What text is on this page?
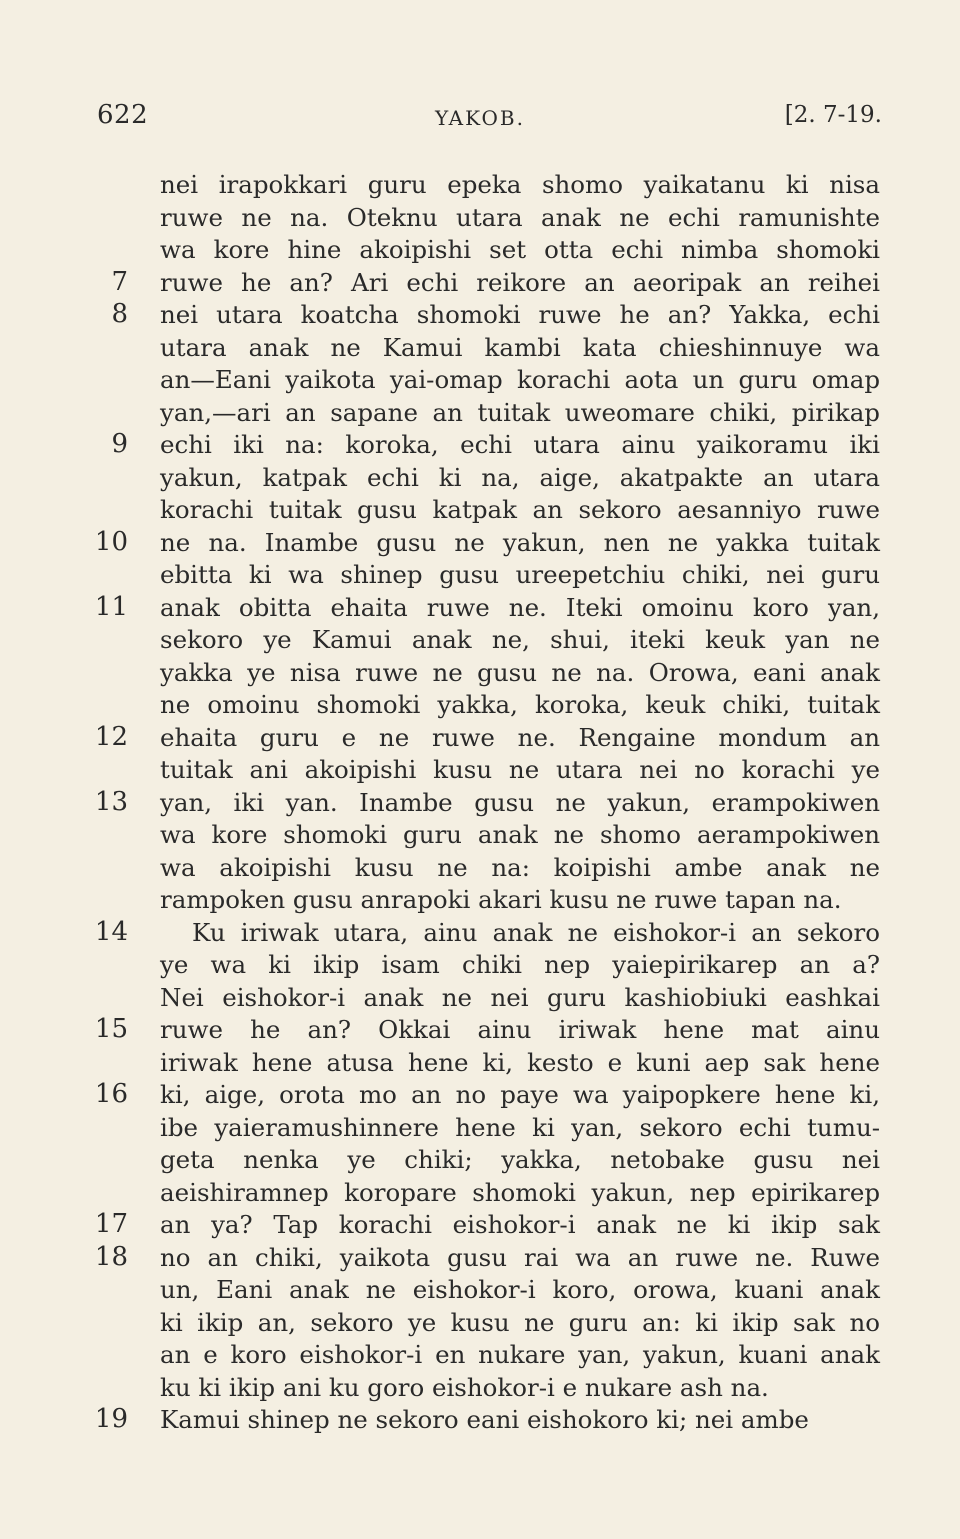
622	YAKOB.	[2. 7-19.
nei irapokkari guru epeka shomo yaikatanu ki nisa
ruwe ne na. Oteknu utara anak ne echi ramunishte
wa kore hine akoipishi set otta echi nimba shomoki
7 ruwe he an? Ari echi reikore an aeoripak an reihei
8 nei utara koatcha shomoki ruwe he an? Yakka, echi
utara anak ne Kamui kambi kata chieshinnuye wa
an—Eani yaikota yai-omap korachi aota un guru omap
yan,—ari an sapane an tuitak uweomare chiki, pirikap
9 echi iki na: koroka, echi utara ainu yaikoramu iki
yakun, katpak echi ki na, aige, akatpakte an utara
korachi tuitak gusu katpak an sekoro aesanniyo ruwe
10 ne na. Inambe gusu ne yakun, nen ne yakka tuitak
ebitta ki wa shinep gusu ureepetchiu chiki, nei guru
11 anak obitta ehaita ruwe ne. Iteki omoinu koro yan,
sekoro ye Kamui anak ne, shui, iteki keuk yan ne
yakka ye nisa ruwe ne gusu ne na. Orowa, eani anak
ne omoinu shomoki yakka, koroka, keuk chiki, tuitak
12 ehaita guru e ne ruwe ne. Rengaine mondum an
tuitak ani akoipishi kusu ne utara nei no korachi ye
13 yan, iki yan. Inambe gusu ne yakun, erampokiwen
wa kore shomoki guru anak ne shomo aerampokiwen
wa akoipishi kusu ne na: koipishi ambe anak ne
rampoken gusu anrapoki akari kusu ne ruwe tapan na.
14	Ku iriwak utara, ainu anak ne eishokor-i an sekoro
ye wa ki ikip isam chiki nep yaiepirikarep an a?
Nei eishokor-i anak ne nei guru kashiobiuki eashkai
15 ruwe he an? Okkai ainu iriwak hene mat ainu
iriwak hene atusa hene ki, kesto e kuni aep sak hene
16 ki, aige, orota mo an no paye wa yaipopkere hene ki,
ibe yaieramushinnere hene ki yan, sekoro echi tumu-
geta nenka ye chiki; yakka, netobake gusu nei
aeishiramnep koropare shomoki yakun, nep epirikarep
17 an ya? Tap korachi eishokor-i anak ne ki ikip sak
18 no an chiki, yaikota gusu rai wa an ruwe ne. Ruwe
un, Eani anak ne eishokor-i koro, orowa, kuani anak
ki ikip an, sekoro ye kusu ne guru an: ki ikip sak no
an e koro eishokor-i en nukare yan, yakun, kuani anak
ku ki ikip ani ku goro eishokor-i e nukare ash na.
19 Kamui shinep ne sekoro eani eishokoro ki; nei ambe
